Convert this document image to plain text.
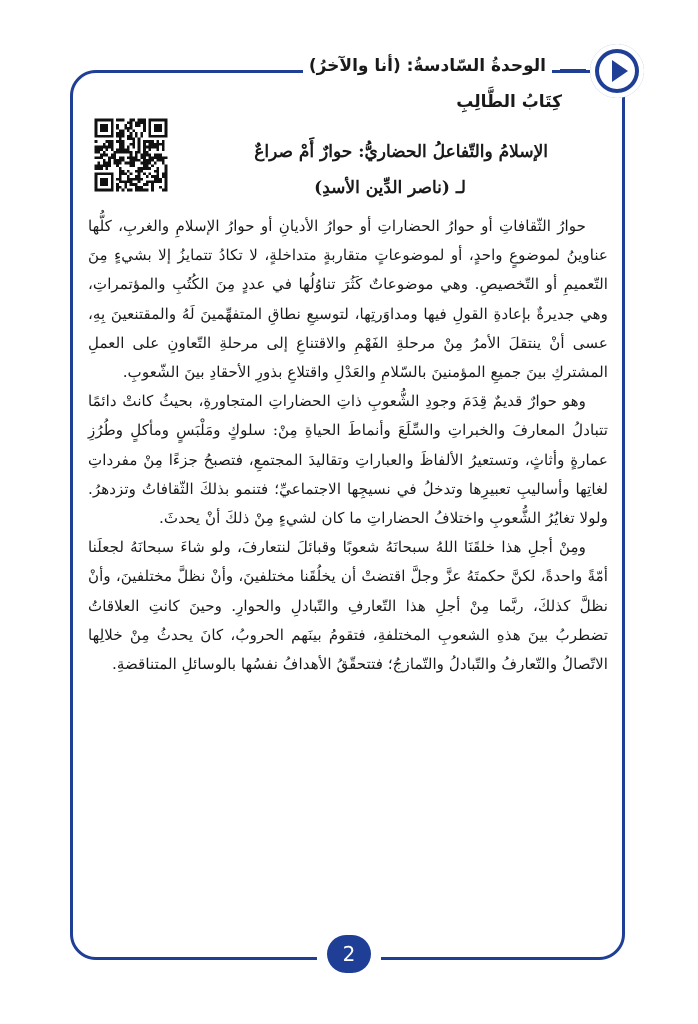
الوحدةُ السّادسةُ: (أنا والآخرُ)
كِتَابُ الطَّالِبِ
الإسلامُ والتّفاعلُ الحضاريُّ: حوارٌ أَمْ صراعٌ
لـ (ناصر الدِّين الأسدِ)

حوارُ الثّقافاتِ أو حوارُ الحضاراتِ أو حوارُ الأديانِ أو حوارُ الإسلامِ والغربِ، كلُّها عناوينُ لموضوعٍ واحدٍ، أو لموضوعاتٍ متقاربةٍ متداخلةٍ، لا تكادُ تتمايزُ إلا بشيءٍ مِنَ التّعميمِ أو التّخصيصِ. وهي موضوعاتٌ كَثُرَ تناوُلُها في عددٍ مِنَ الكُتُبِ والمؤتمراتِ، وهي جديرةٌ بإعادةِ القولِ فيها ومداوَرتِها، لتوسيعِ نطاقِ المتفهِّمينَ لَهُ والمقتنعينَ بِهِ، عسى أنْ ينتقلَ الأمرُ مِنْ مرحلةِ الفَهْمِ والاقتناعِ إلى مرحلةِ التّعاونِ على العملِ المشتركِ بينَ جميعِ المؤمنينَ بالسّلامِ والعَدْلِ واقتلاعِ بذورِ الأحقادِ بينَ الشّعوبِ.

وهو حوارٌ قديمٌ قِدَمَ وجودِ الشُّعوبِ ذاتِ الحضاراتِ المتجاورةِ، بحيثُ كانتْ دائمًا تتبادلُ المعارفَ والخبراتِ والسِّلَعَ وأنماطَ الحياةِ مِنْ: سلوكٍ ومَلْبَسٍ ومأكلٍ وطُرُزِ عمارةٍ وأثاثٍ، وتستعيرُ الألفاظَ والعباراتِ وتقاليدَ المجتمعِ، فتصبحُ جزءًا مِنْ مفرداتِ لغاتِها وأساليبِ تعبيرِها وتدخلُ في نسيجِها الاجتماعيِّ؛ فتنمو بذلكَ الثّقافاتُ وتزدهرُ. ولولا تغايُرُ الشُّعوبِ واختلافُ الحضاراتِ ما كان لشيءٍ مِنْ ذلكَ أنْ يحدثَ.

ومِنْ أجلِ هذا خلقَنَا اللهُ سبحانَهُ شعوبًا وقبائلَ لنتعارفَ، ولو شاءَ سبحانَهُ لجعلَنا أمّةً واحدةً، لكنَّ حكمتَهُ عزَّ وجلَّ اقتضتْ أن يخلُقَنا مختلفينَ، وأنْ نظلَّ مختلفينَ، وأنْ نظلَّ كذلكَ، ربَّما مِنْ أجلِ هذا التّعارفِ والتّبادلِ والحوارِ. وحينَ كانتِ العلاقاتُ تضطربُ بينَ هذهِ الشعوبِ المختلفةِ، فتقومُ بينَهم الحروبُ، كانَ يحدثُ مِنْ خلالِها الاتّصالُ والتّعارفُ والتّبادلُ والتّمازجُ؛ فتتحقّقُ الأهدافُ نفسُها بالوسائلِ المتناقضةِ.

2
